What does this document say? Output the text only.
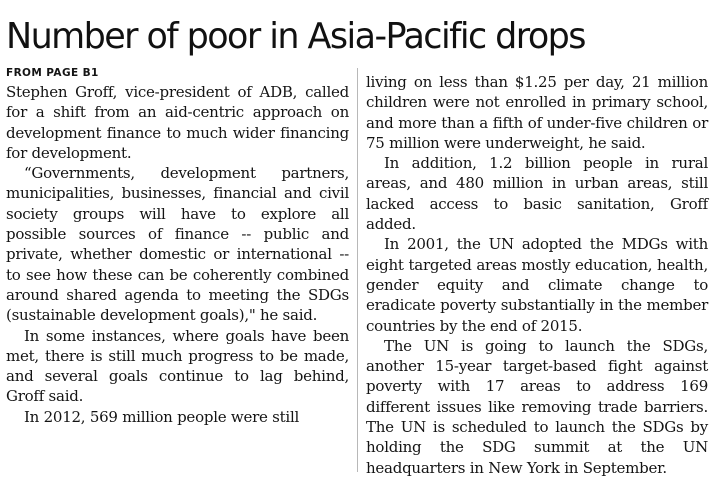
Number of poor in Asia-Pacific drops
FROM PAGE B1

Stephen Groff, vice-president of ADB, called for a shift from an aid-centric approach on development finance to much wider financing for development.

“Governments, development partners, municipalities, businesses, financial and civil society groups will have to explore all possible sources of finance -- public and private, whether domestic or international -- to see how these can be coherently combined around shared agenda to meeting the SDGs (sustainable development goals)," he said.

In some instances, where goals have been met, there is still much progress to be made, and several goals continue to lag behind, Groff said.

In 2012, 569 million people were still

living on less than $1.25 per day, 21 million children were not enrolled in primary school, and more than a fifth of under-five children or 75 million were underweight, he said.

In addition, 1.2 billion people in rural areas, and 480 million in urban areas, still lacked access to basic sanitation, Groff added.

In 2001, the UN adopted the MDGs with eight targeted areas mostly education, health, gender equity and climate change to eradicate poverty substantially in the member countries by the end of 2015.

The UN is going to launch the SDGs, another 15-year target-based fight against poverty with 17 areas to address 169 different issues like removing trade barriers. The UN is scheduled to launch the SDGs by holding the SDG summit at the UN headquarters in New York in September.
